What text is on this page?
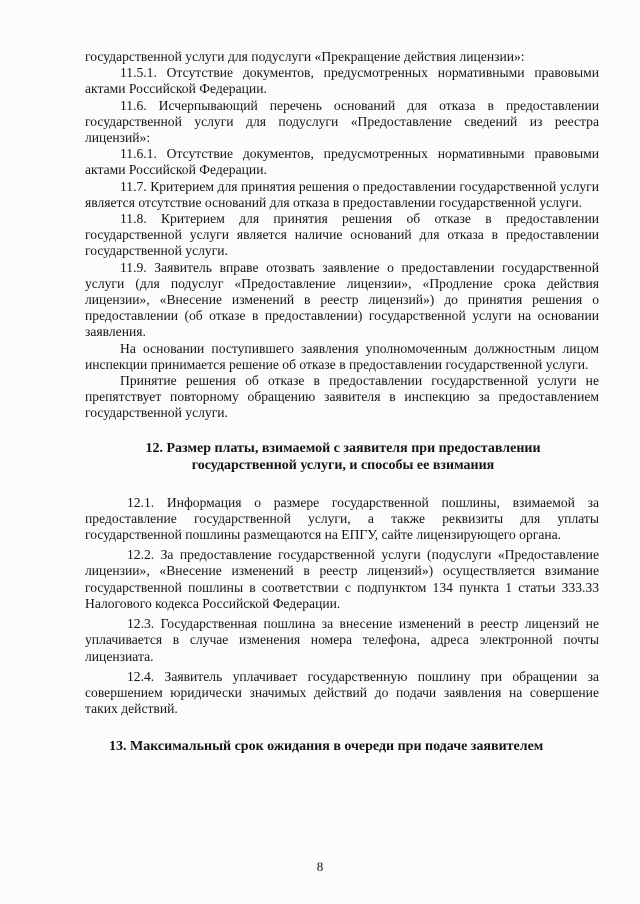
государственной услуги для подуслуги «Прекращение действия лицензии»:

11.5.1. Отсутствие документов, предусмотренных нормативными правовыми актами Российской Федерации.

11.6. Исчерпывающий перечень оснований для отказа в предоставлении государственной услуги для подуслуги «Предоставление сведений из реестра лицензий»:

11.6.1. Отсутствие документов, предусмотренных нормативными правовыми актами Российской Федерации.

11.7. Критерием для принятия решения о предоставлении государственной услуги является отсутствие оснований для отказа в предоставлении государственной услуги.

11.8. Критерием для принятия решения об отказе в предоставлении государственной услуги является наличие оснований для отказа в предоставлении государственной услуги.

11.9. Заявитель вправе отозвать заявление о предоставлении государственной услуги (для подуслуг «Предоставление лицензии», «Продление срока действия лицензии», «Внесение изменений в реестр лицензий») до принятия решения о предоставлении (об отказе в предоставлении) государственной услуги на основании заявления.

На основании поступившего заявления уполномоченным должностным лицом инспекции принимается решение об отказе в предоставлении государственной услуги.

Принятие решения об отказе в предоставлении государственной услуги не препятствует повторному обращению заявителя в инспекцию за предоставлением государственной услуги.

12. Размер платы, взимаемой с заявителя при предоставлении
государственной услуги, и способы ее взимания

12.1. Информация о размере государственной пошлины, взимаемой за предоставление государственной услуги, а также реквизиты для уплаты государственной пошлины размещаются на ЕПГУ, сайте лицензирующего органа.

12.2. За предоставление государственной услуги (подуслуги «Предоставление лицензии», «Внесение изменений в реестр лицензий») осуществляется взимание государственной пошлины в соответствии с подпунктом 134 пункта 1 статьи 333.33 Налогового кодекса Российской Федерации.

12.3. Государственная пошлина за внесение изменений в реестр лицензий не уплачивается в случае изменения номера телефона, адреса электронной почты лицензиата.

12.4. Заявитель уплачивает государственную пошлину при обращении за совершением юридически значимых действий до подачи заявления на совершение таких действий.

13. Максимальный срок ожидания в очереди при подаче заявителем
8
